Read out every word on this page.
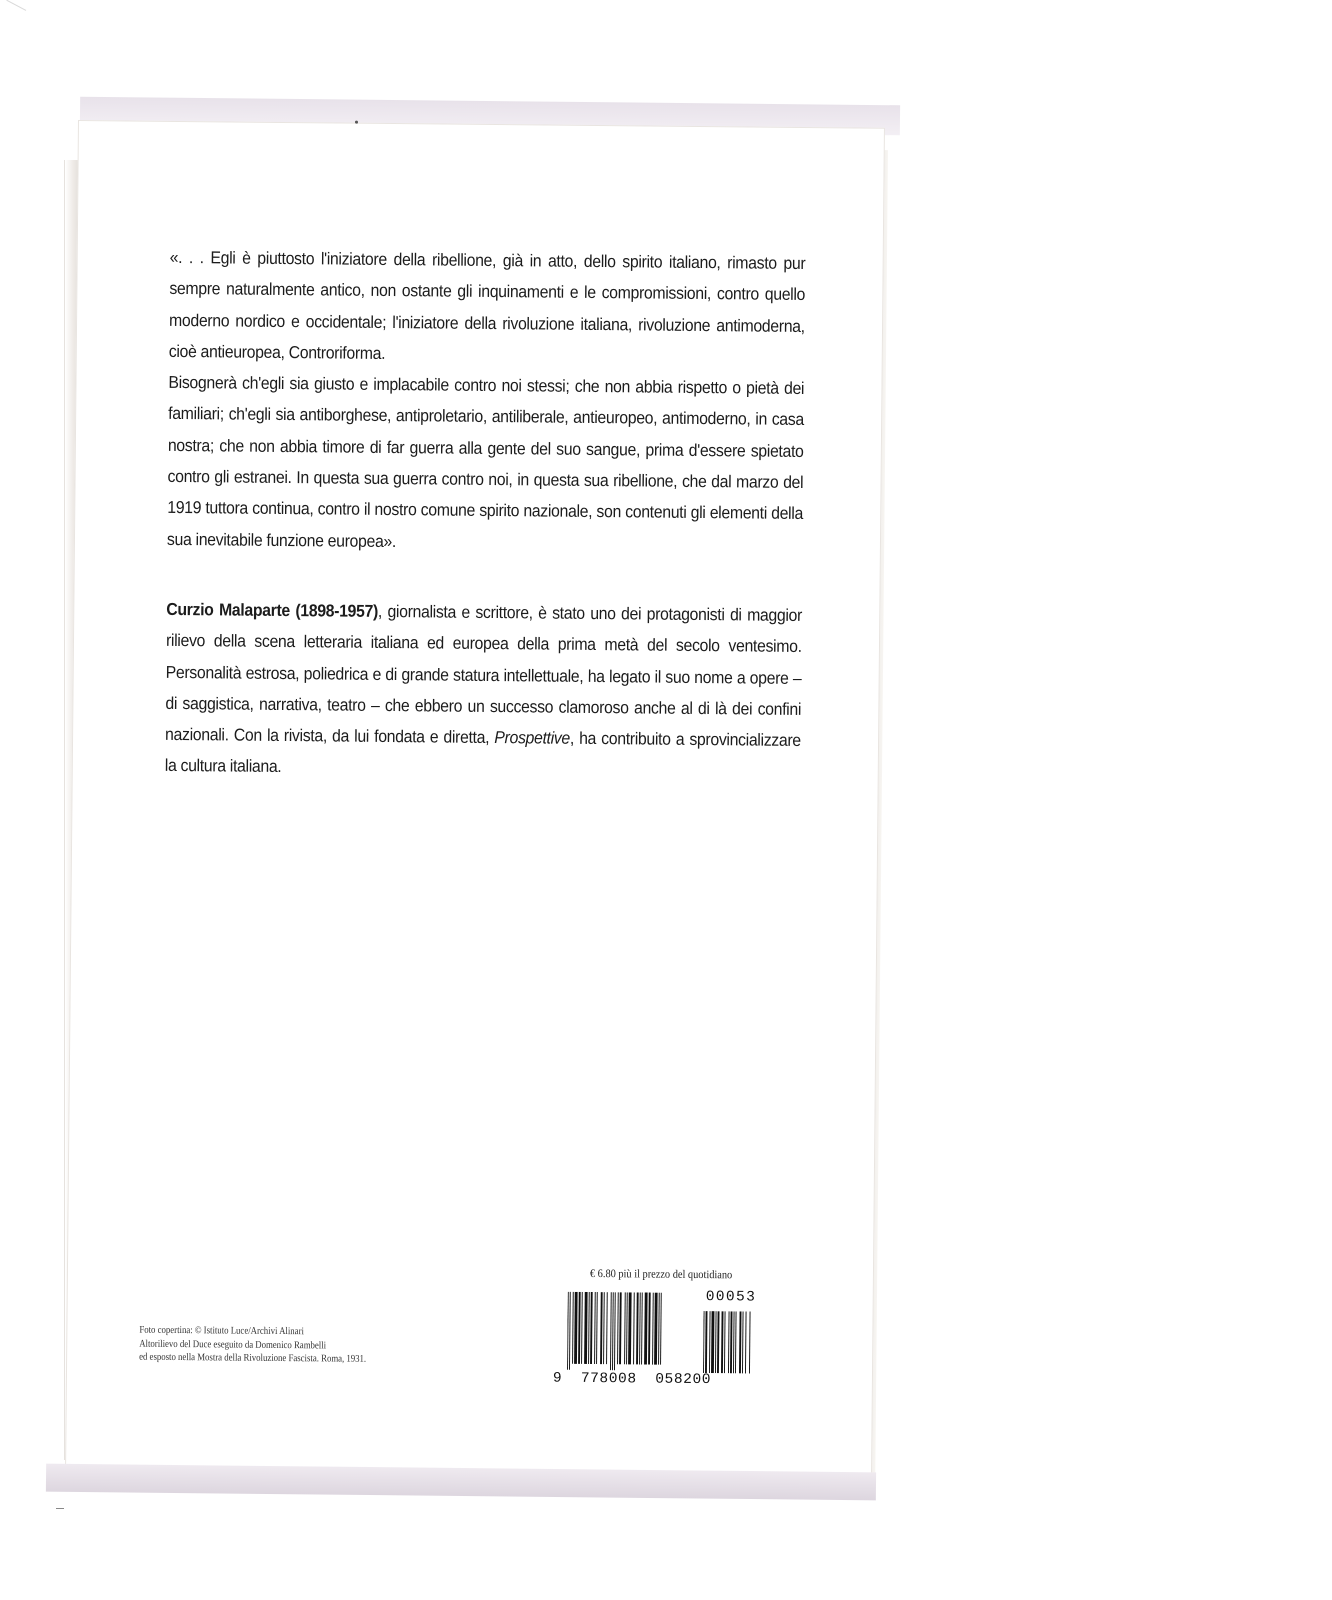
«. . . Egli è piuttosto l'iniziatore della ribellione, già in atto, dello spirito italiano, rimasto pur sempre naturalmente antico, non ostante gli inquinamenti e le compromissioni, contro quello moderno nordico e occidentale; l'iniziatore della rivoluzione italiana, rivoluzione antimoderna, cioè antieuropea, Controriforma.

Bisognerà ch'egli sia giusto e implacabile contro noi stessi; che non abbia rispetto o pietà dei familiari; ch'egli sia antiborghese, antiproletario, antiliberale, antieuropeo, antimoderno, in casa nostra; che non abbia timore di far guerra alla gente del suo sangue, prima d'essere spietato contro gli estranei. In questa sua guerra contro noi, in questa sua ribellione, che dal marzo del 1919 tuttora continua, contro il nostro comune spirito nazionale, son contenuti gli elementi della sua inevitabile funzione europea».

Curzio Malaparte (1898-1957), giornalista e scrittore, è stato uno dei protagonisti di maggior rilievo della scena letteraria italiana ed europea della prima metà del secolo ventesimo. Personalità estrosa, poliedrica e di grande statura intellettuale, ha legato il suo nome a opere – di saggistica, narrativa, teatro – che ebbero un successo clamoroso anche al di là dei confini nazionali. Con la rivista, da lui fondata e diretta, Prospettive, ha contribuito a sprovincializzare la cultura italiana.

€ 6.80 più il prezzo del quotidiano
00053
9 778008 058200
Foto copertina: © Istituto Luce/Archivi Alinari
Altorilievo del Duce eseguito da Domenico Rambelli
ed esposto nella Mostra della Rivoluzione Fascista. Roma, 1931.
